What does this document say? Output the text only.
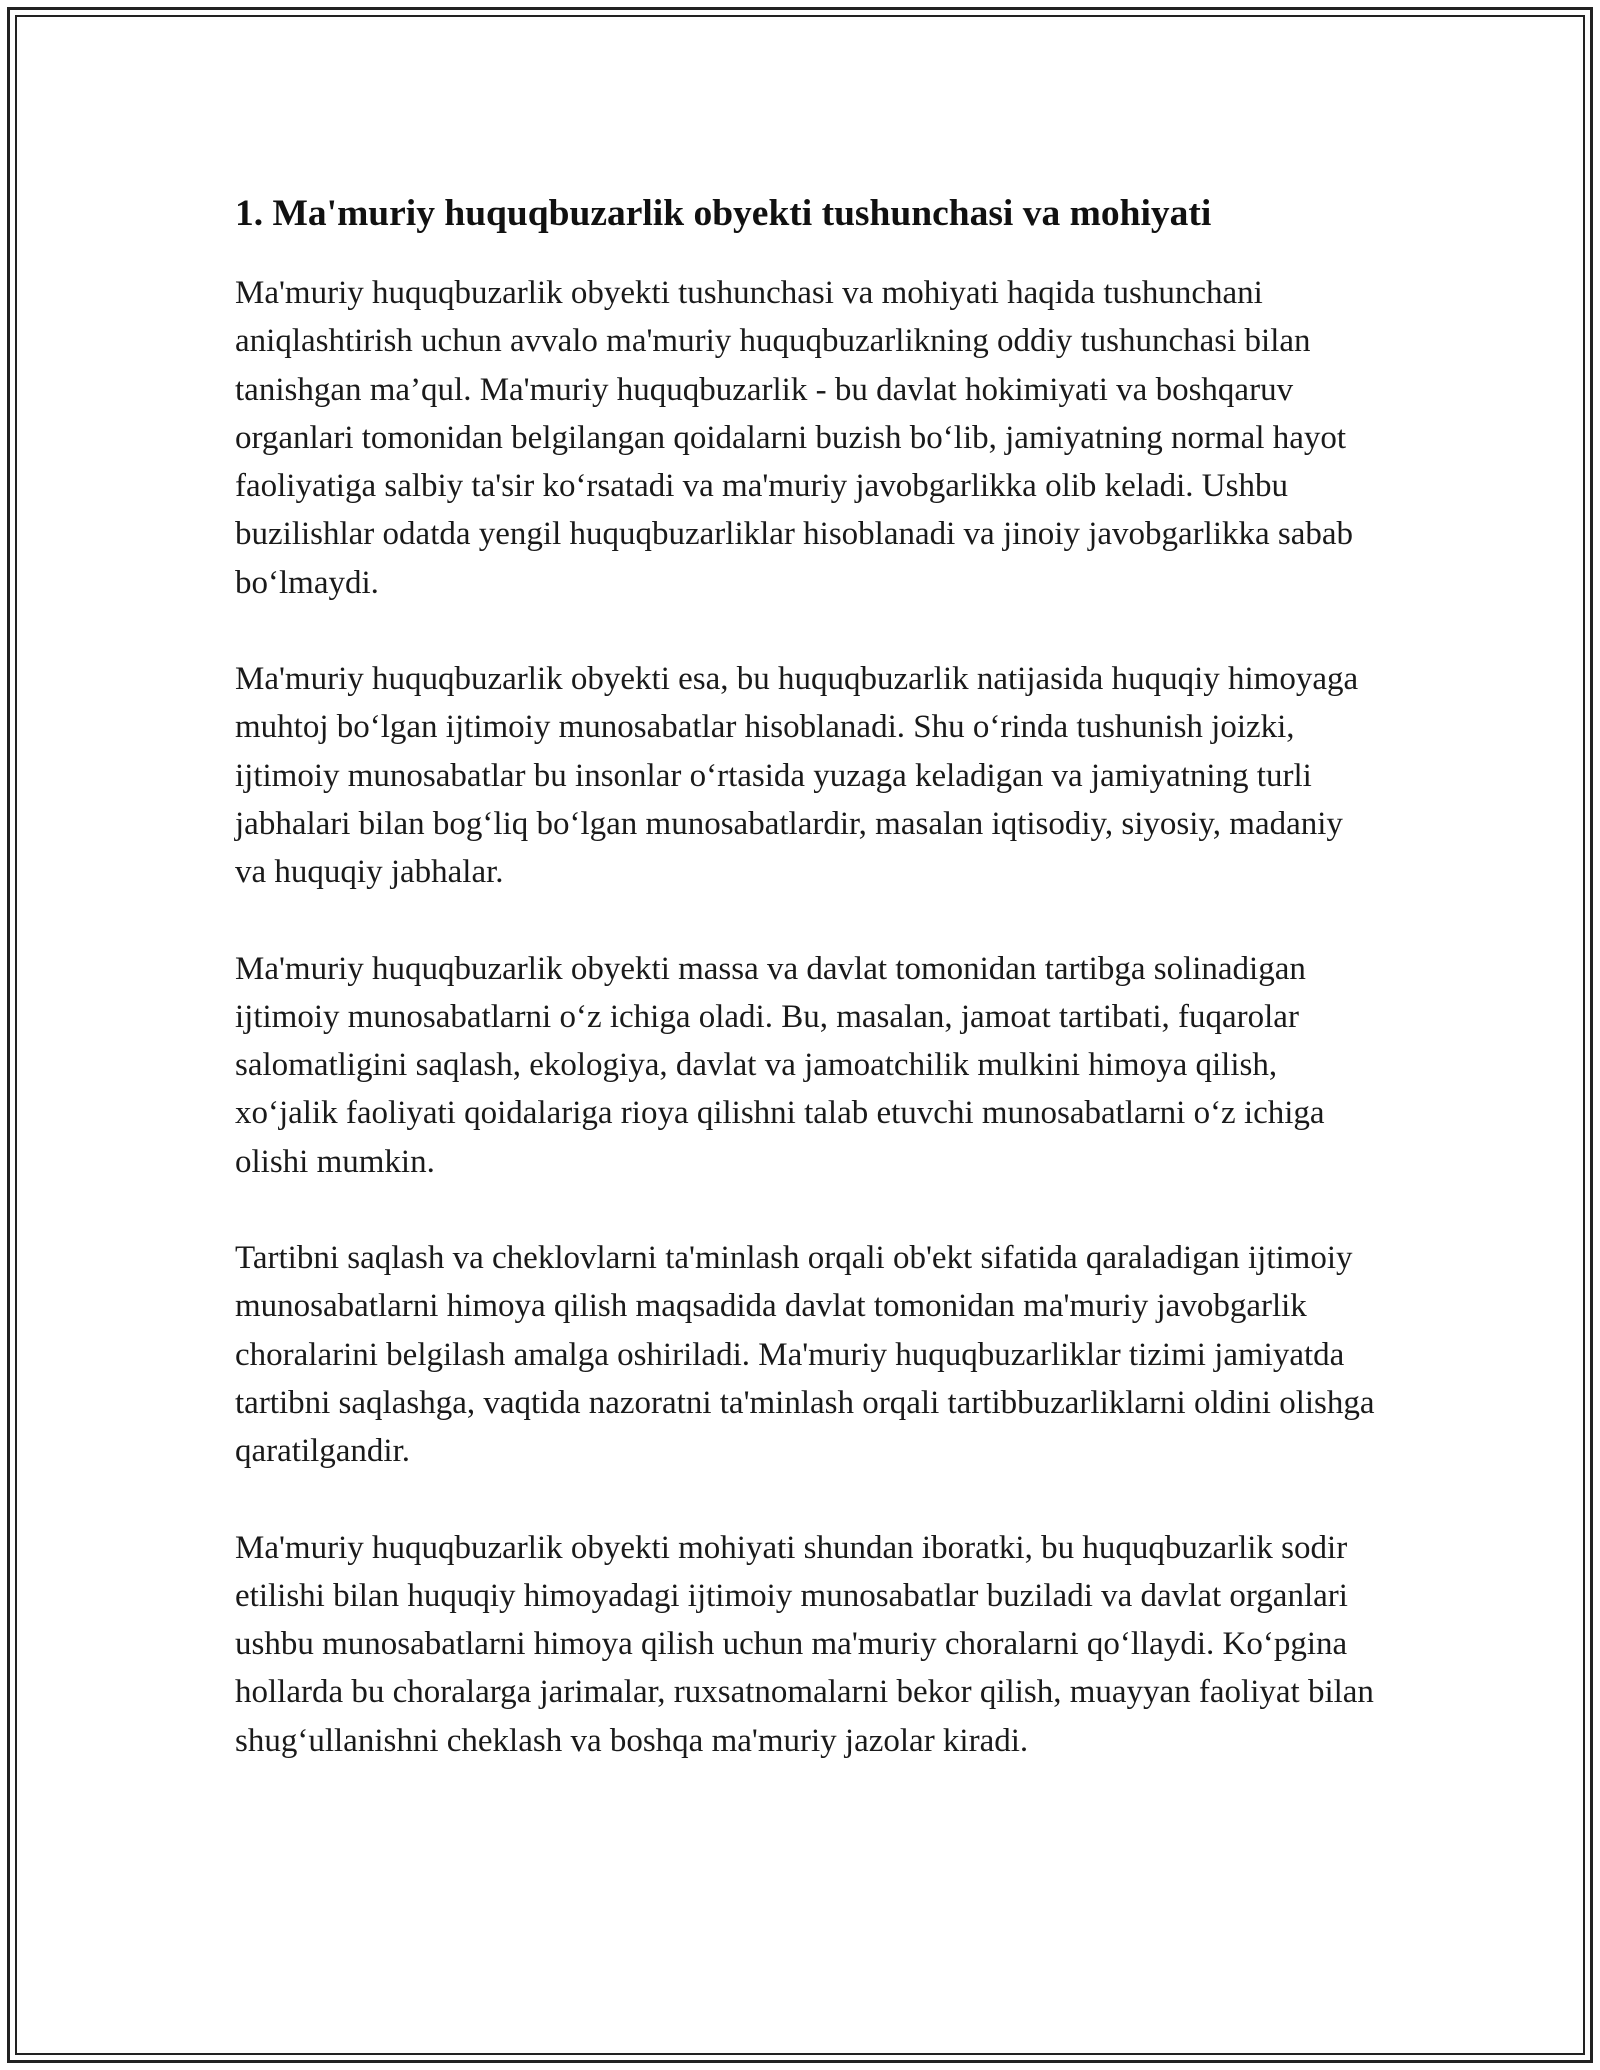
1. Ma'muriy huquqbuzarlik obyekti tushunchasi va mohiyati

Ma'muriy huquqbuzarlik obyekti tushunchasi va mohiyati haqida tushunchani aniqlashtirish uchun avvalo ma'muriy huquqbuzarlikning oddiy tushunchasi bilan tanishgan ma’qul. Ma'muriy huquqbuzarlik - bu davlat hokimiyati va boshqaruv organlari tomonidan belgilangan qoidalarni buzish bo‘lib, jamiyatning normal hayot faoliyatiga salbiy ta'sir ko‘rsatadi va ma'muriy javobgarlikka olib keladi. Ushbu buzilishlar odatda yengil huquqbuzarliklar hisoblanadi va jinoiy javobgarlikka sabab bo‘lmaydi.

Ma'muriy huquqbuzarlik obyekti esa, bu huquqbuzarlik natijasida huquqiy himoyaga muhtoj bo‘lgan ijtimoiy munosabatlar hisoblanadi. Shu o‘rinda tushunish joizki, ijtimoiy munosabatlar bu insonlar o‘rtasida yuzaga keladigan va jamiyatning turli jabhalari bilan bog‘liq bo‘lgan munosabatlardir, masalan iqtisodiy, siyosiy, madaniy va huquqiy jabhalar.

Ma'muriy huquqbuzarlik obyekti massa va davlat tomonidan tartibga solinadigan ijtimoiy munosabatlarni o‘z ichiga oladi. Bu, masalan, jamoat tartibati, fuqarolar salomatligini saqlash, ekologiya, davlat va jamoatchilik mulkini himoya qilish, xo‘jalik faoliyati qoidalariga rioya qilishni talab etuvchi munosabatlarni o‘z ichiga olishi mumkin.

Tartibni saqlash va cheklovlarni ta'minlash orqali ob'ekt sifatida qaraladigan ijtimoiy munosabatlarni himoya qilish maqsadida davlat tomonidan ma'muriy javobgarlik choralarini belgilash amalga oshiriladi. Ma'muriy huquqbuzarliklar tizimi jamiyatda tartibni saqlashga, vaqtida nazoratni ta'minlash orqali tartibbuzarliklarni oldini olishga qaratilgandir.

Ma'muriy huquqbuzarlik obyekti mohiyati shundan iboratki, bu huquqbuzarlik sodir etilishi bilan huquqiy himoyadagi ijtimoiy munosabatlar buziladi va davlat organlari ushbu munosabatlarni himoya qilish uchun ma'muriy choralarni qo‘llaydi. Ko‘pgina hollarda bu choralarga jarimalar, ruxsatnomalarni bekor qilish, muayyan faoliyat bilan shug‘ullanishni cheklash va boshqa ma'muriy jazolar kiradi.
